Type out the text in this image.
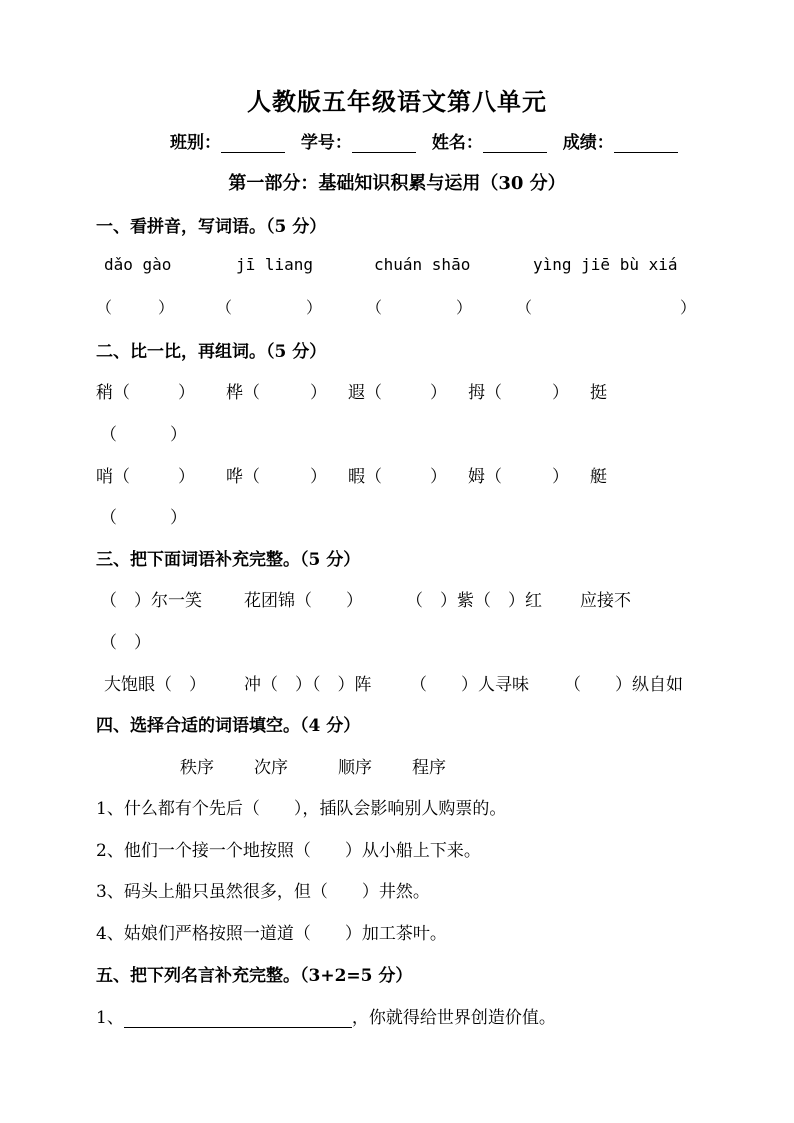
人教版五年级语文第八单元
班别：	学号：	姓名：	成绩：
第一部分：基础知识积累与运用（30 分）
一、看拼音，写词语。（5 分）
dǎo gào	jī liang	chuán shāo	yìng jiē bù xiá
（	）	（	）	（	）	（	）
二、比一比，再组词。（5 分）
稍（	） 桦（	） 遐（	） 拇（	） 挺
（	）
哨（	） 哗（	） 暇（	） 姆（	） 艇
（	）
三、把下面词语补充完整。（5 分）
（　）尔一笑 花团锦（　　）	（　）紫（　）红 应接不
（　）
大饱眼（　） 冲（　）（　）阵 （　　）人寻味 （　　）纵自如
四、选择合适的词语填空。（4 分）
秩序 次序	顺序 程序
1、什么都有个先后（　　），插队会影响别人购票的。
2、他们一个接一个地按照（　　）从小船上下来。
3、码头上船只虽然很多，但（　　）井然。
4、姑娘们严格按照一道道（　　）加工茶叶。
五、把下列名言补充完整。（3+2=5 分）
1、	，你就得给世界创造价值。
